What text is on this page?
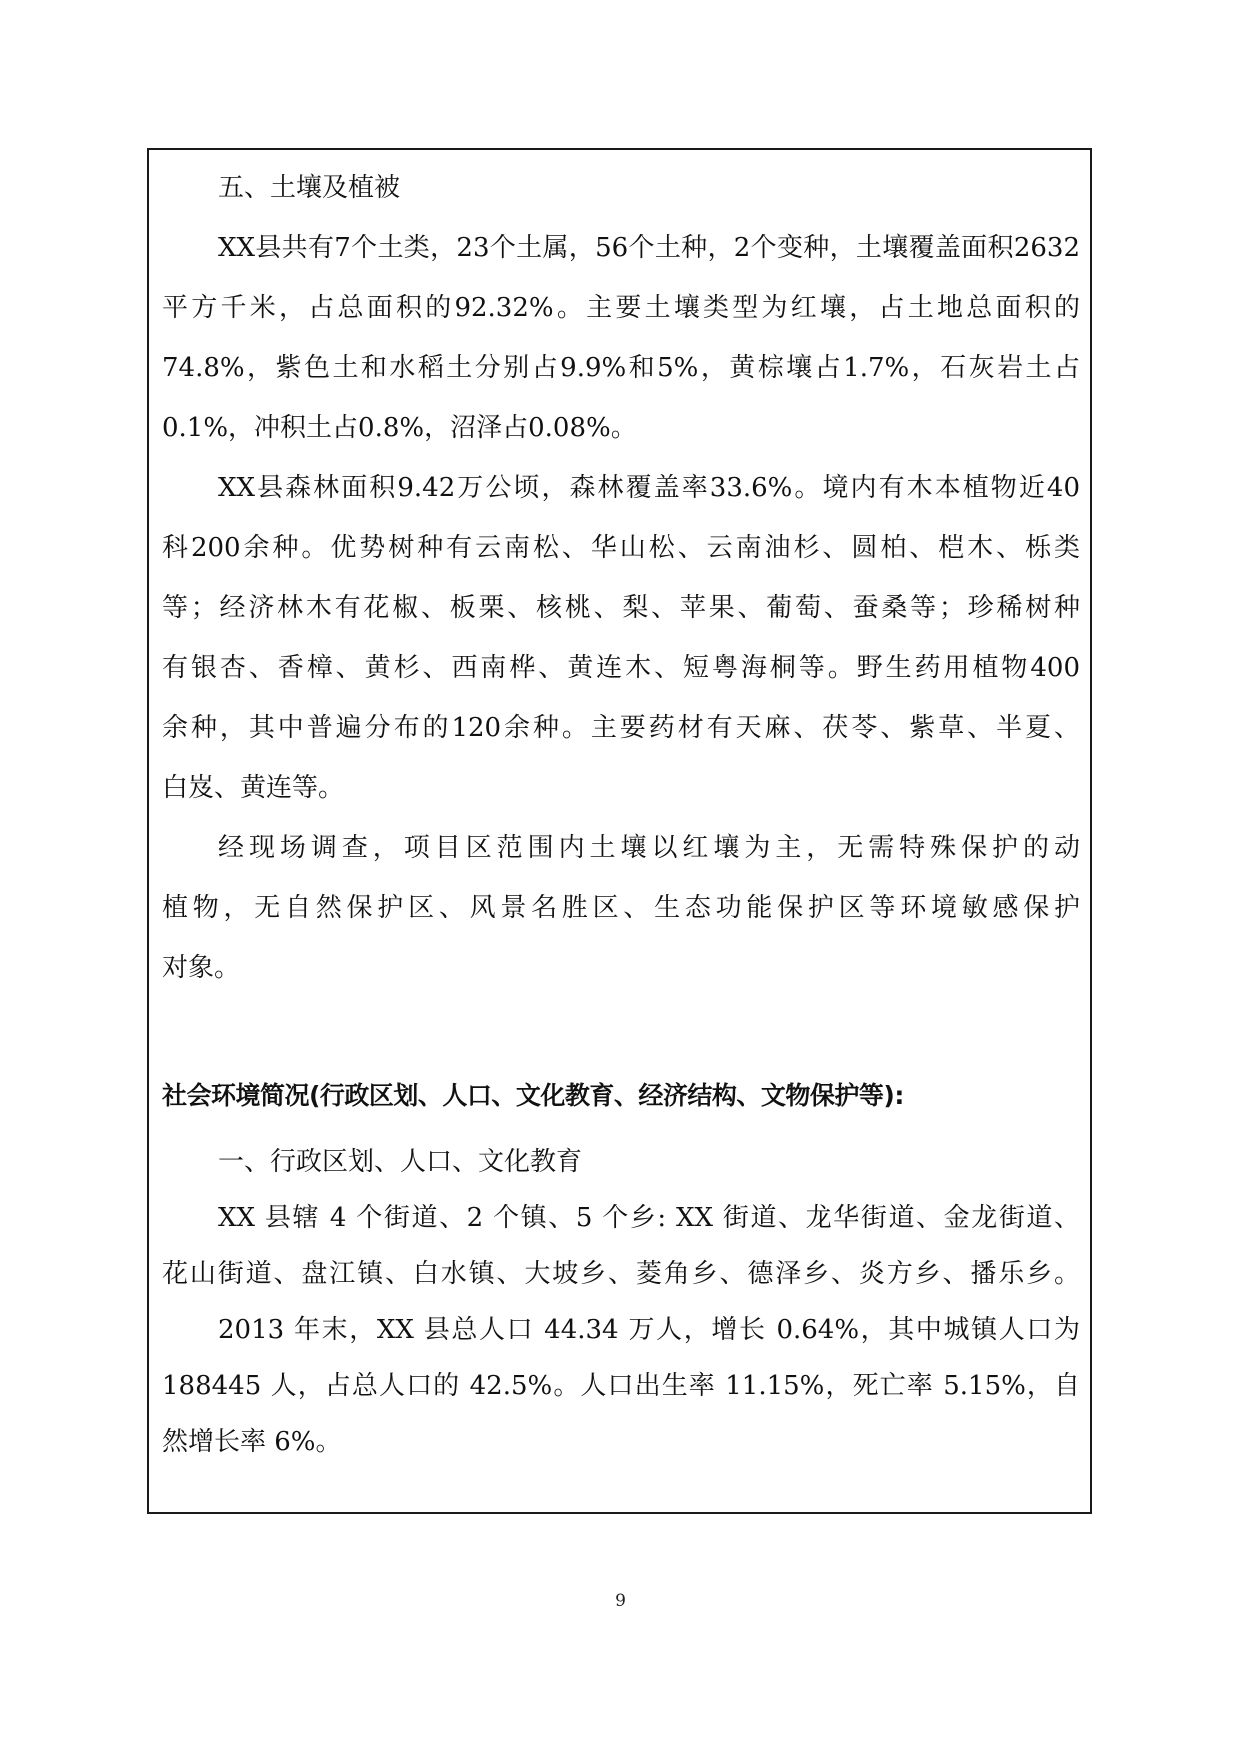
五、土壤及植被
XX县共有7个土类，23个土属，56个土种，2个变种，土壤覆盖面积2632
平方千米，占总面积的92.32%。主要土壤类型为红壤，占土地总面积的
74.8%，紫色土和水稻土分别占9.9%和5%，黄棕壤占1.7%，石灰岩土占
0.1%，冲积土占0.8%，沼泽占0.08%。
XX县森林面积9.42万公顷，森林覆盖率33.6%。境内有木本植物近40
科200余种。优势树种有云南松、华山松、云南油杉、圆柏、桤木、栎类
等；经济林木有花椒、板栗、核桃、梨、苹果、葡萄、蚕桑等；珍稀树种
有银杏、香樟、黄杉、西南桦、黄连木、短粤海桐等。野生药用植物400
余种，其中普遍分布的120余种。主要药材有天麻、茯苓、紫草、半夏、
白岌、黄连等。
经现场调查，项目区范围内土壤以红壤为主，无需特殊保护的动
植物，无自然保护区、风景名胜区、生态功能保护区等环境敏感保护
对象。
社会环境简况(行政区划、人口、文化教育、经济结构、文物保护等):
一、行政区划、人口、文化教育
XX 县辖 4 个街道、2 个镇、5 个乡: XX 街道、龙华街道、金龙街道、
花山街道、盘江镇、白水镇、大坡乡、菱角乡、德泽乡、炎方乡、播乐乡。
2013 年末，XX 县总人口 44.34 万人，增长 0.64%，其中城镇人口为
188445 人，占总人口的 42.5%。人口出生率 11.15%，死亡率 5.15%，自
然增长率 6%。
9
